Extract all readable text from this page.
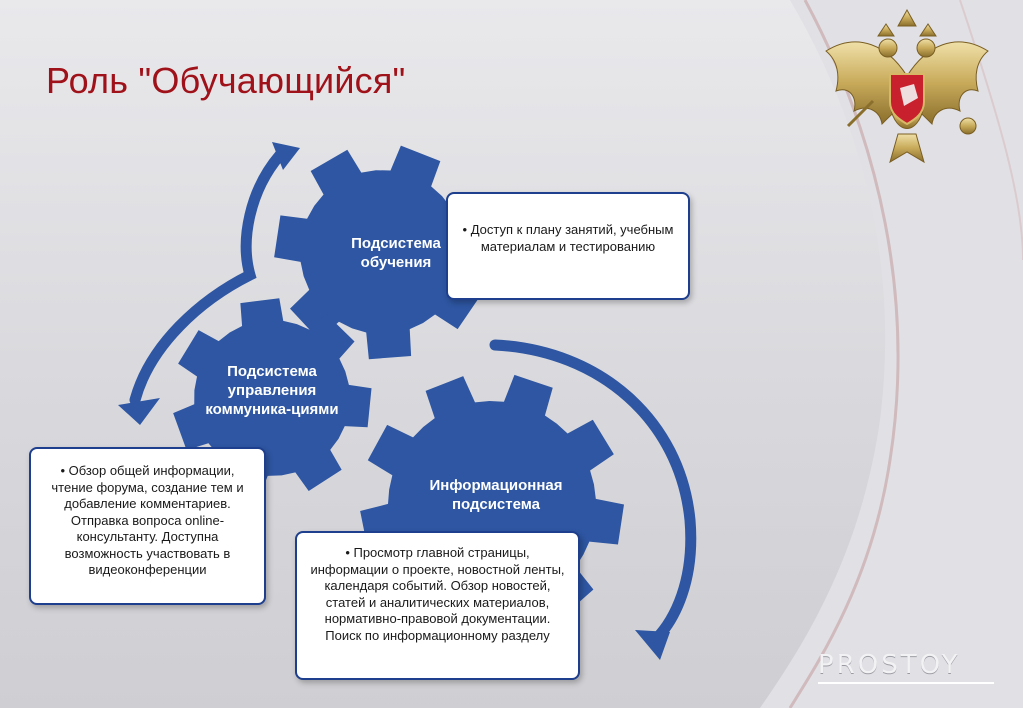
Роль "Обучающийся"
Подсистема обучения
Подсистема управления коммуника-циями
Информационная подсистема
• Доступ к плану занятий, учебным материалам и тестированию
• Обзор общей информации, чтение форума, создание тем и добавление комментариев. Отправка вопроса online-консультанту. Доступна возможность участвовать в видеоконференции
• Просмотр главной страницы, информации о проекте, новостной ленты, календаря событий. Обзор новостей, статей и аналитических материалов, нормативно-правовой документации. Поиск по информационному разделу
PROSTOY
